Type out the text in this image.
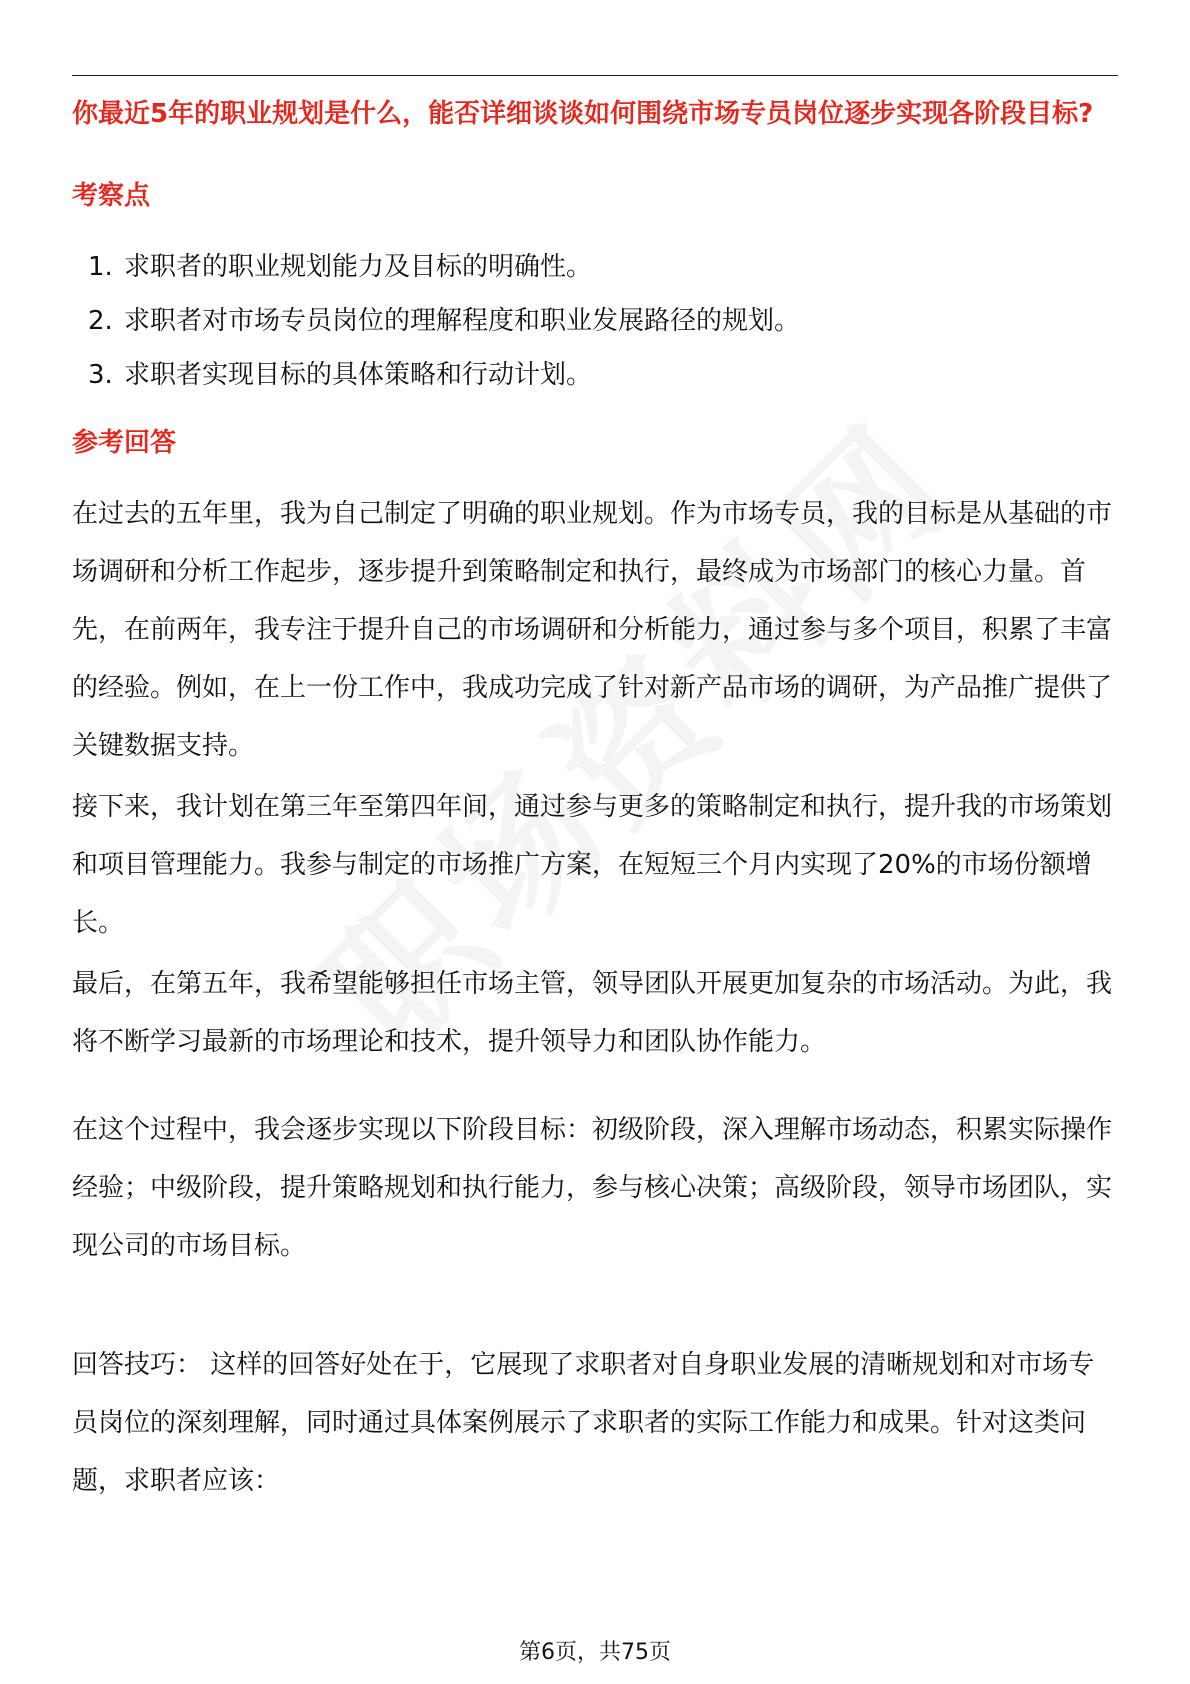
你最近5年的职业规划是什么，能否详细谈谈如何围绕市场专员岗位逐步实现各阶段目标?
考察点
1. 求职者的职业规划能力及目标的明确性。
2. 求职者对市场专员岗位的理解程度和职业发展路径的规划。
3. 求职者实现目标的具体策略和行动计划。
参考回答

在过去的五年里，我为自己制定了明确的职业规划。作为市场专员，我的目标是从基础的市场调研和分析工作起步，逐步提升到策略制定和执行，最终成为市场部门的核心力量。首先，在前两年，我专注于提升自己的市场调研和分析能力，通过参与多个项目，积累了丰富的经验。例如，在上一份工作中，我成功完成了针对新产品市场的调研，为产品推广提供了关键数据支持。

接下来，我计划在第三年至第四年间，通过参与更多的策略制定和执行，提升我的市场策划和项目管理能力。我参与制定的市场推广方案，在短短三个月内实现了20%的市场份额增长。

最后，在第五年，我希望能够担任市场主管，领导团队开展更加复杂的市场活动。为此，我将不断学习最新的市场理论和技术，提升领导力和团队协作能力。

在这个过程中，我会逐步实现以下阶段目标：初级阶段，深入理解市场动态，积累实际操作经验；中级阶段，提升策略规划和执行能力，参与核心决策；高级阶段，领导市场团队，实现公司的市场目标。

回答技巧： 这样的回答好处在于，它展现了求职者对自身职业发展的清晰规划和对市场专员岗位的深刻理解，同时通过具体案例展示了求职者的实际工作能力和成果。针对这类问题，求职者应该：

第6页，共75页
